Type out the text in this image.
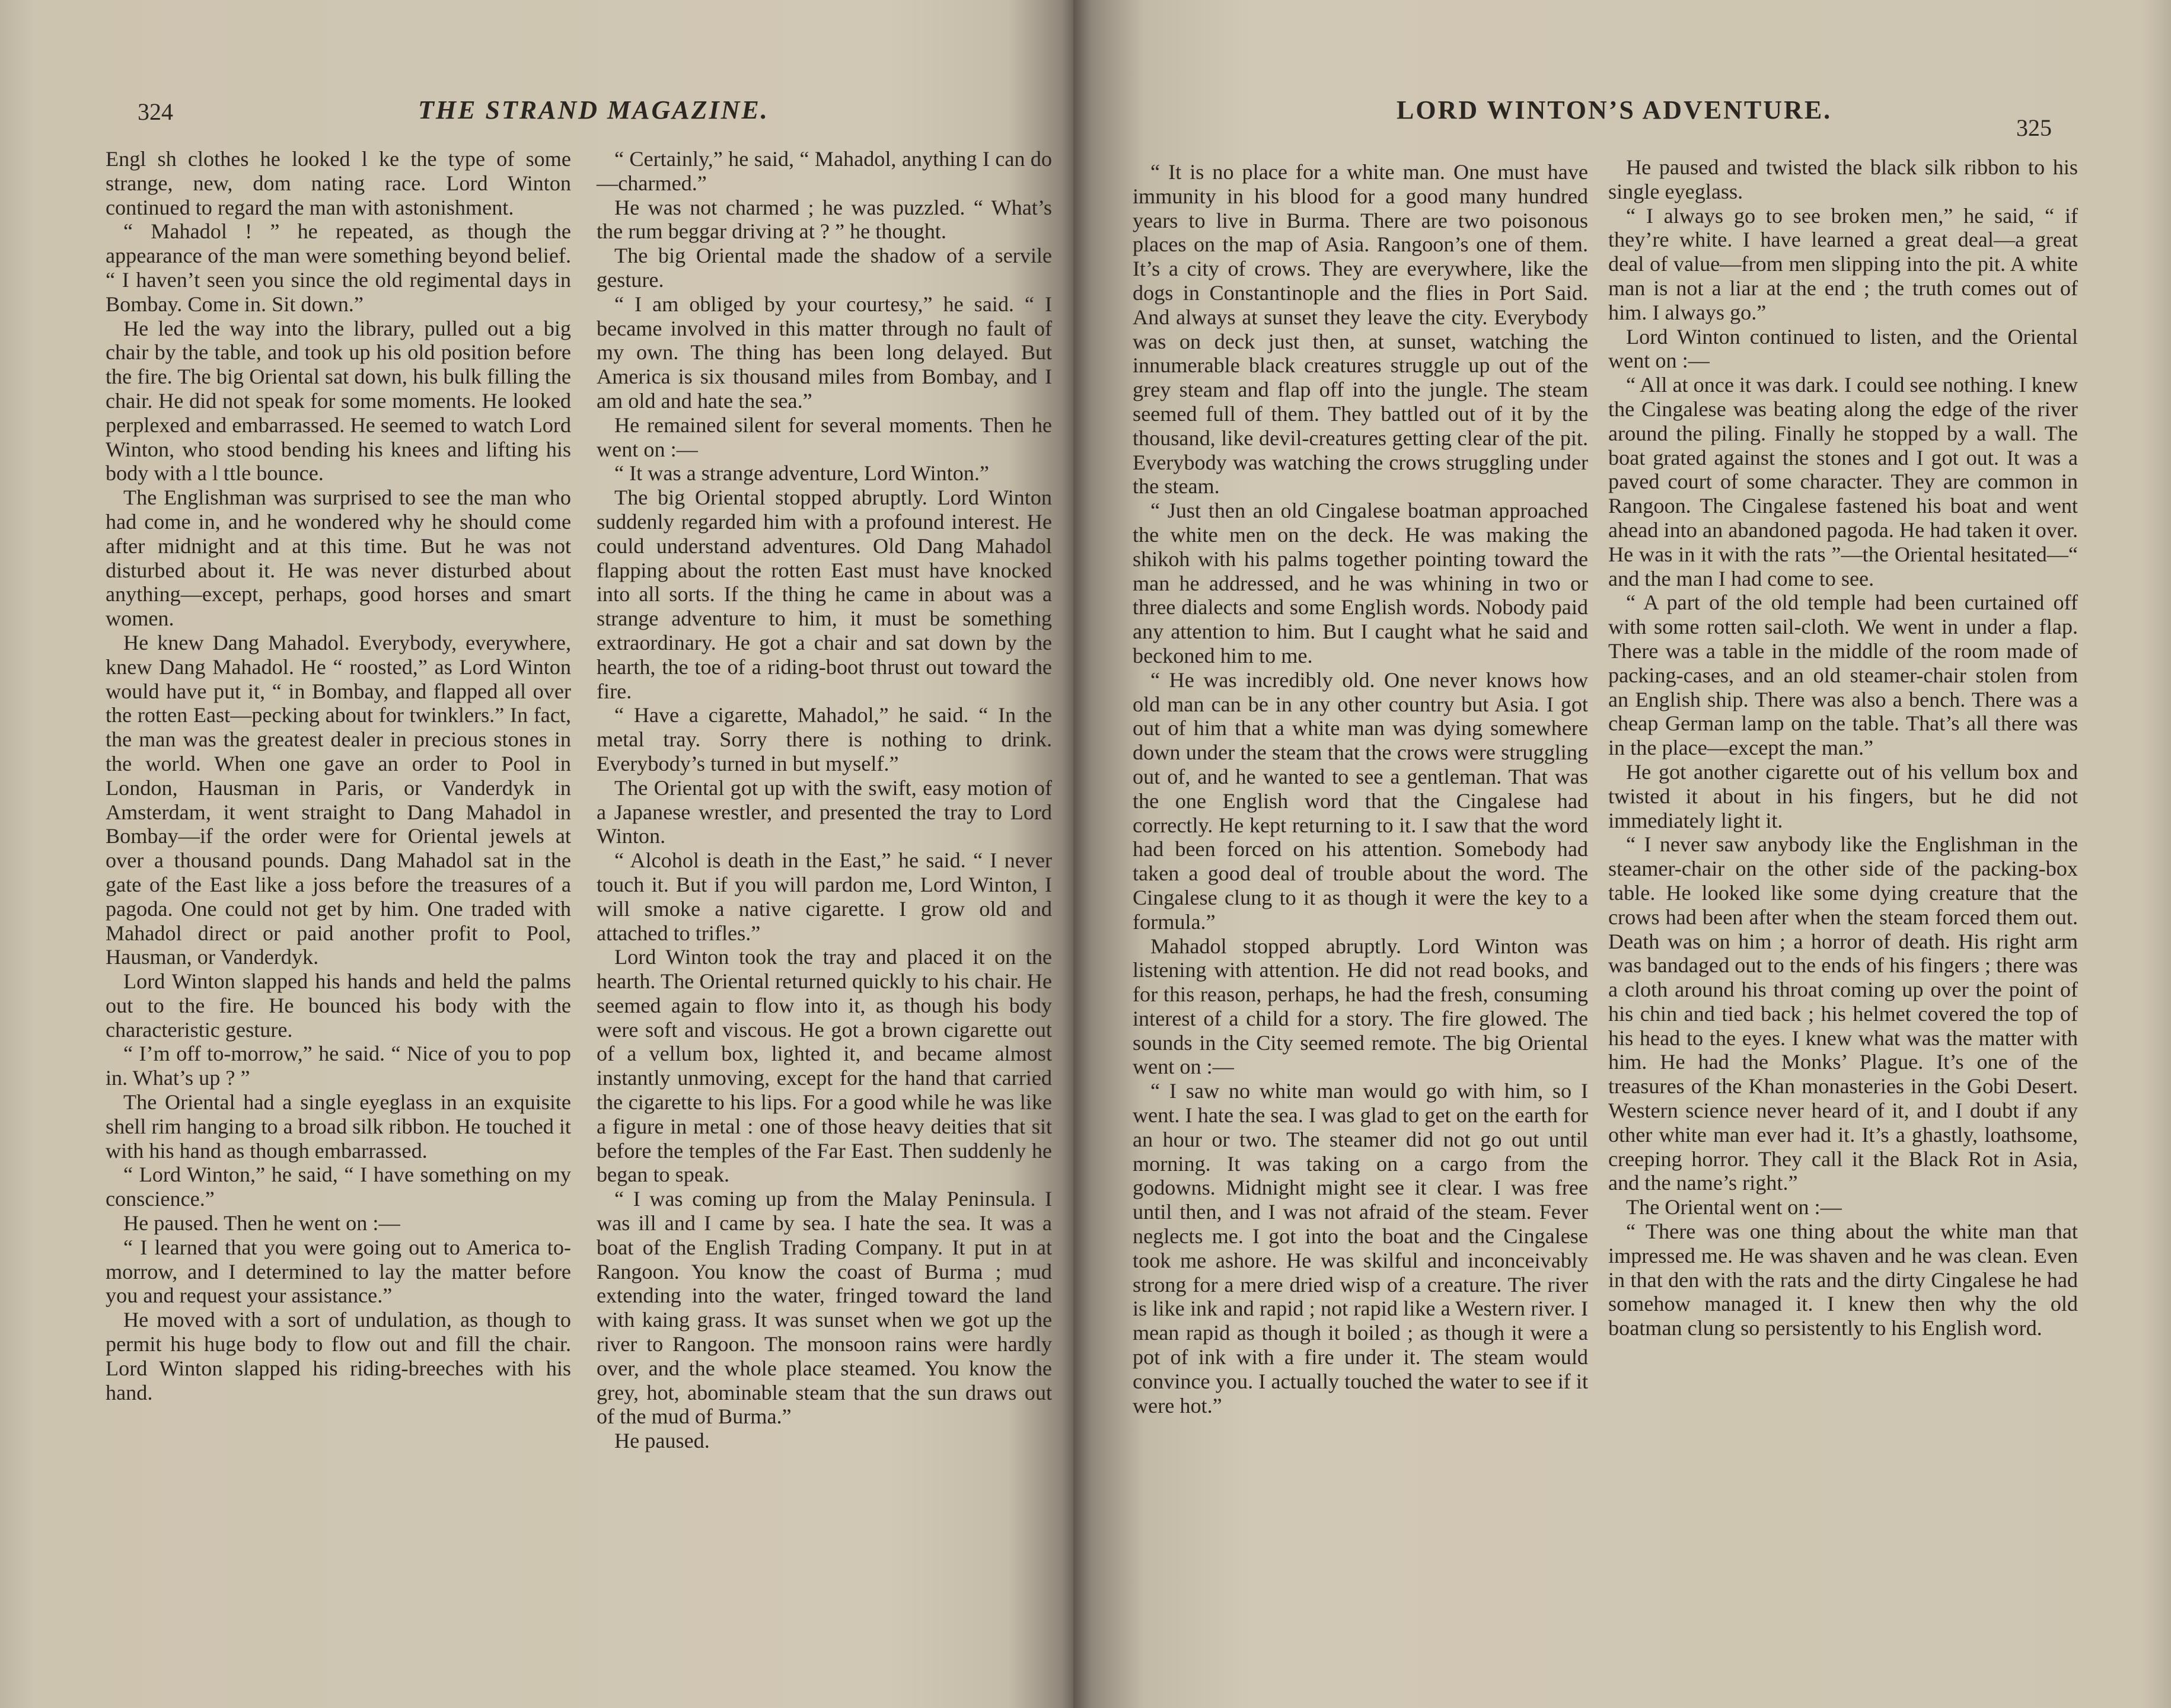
324	THE STRAND MAGAZINE.

Engl sh clothes he looked l ke the type of some strange, new, dom nating race. Lord Winton continued to regard the man with astonishment.

“ Mahadol ! ” he repeated, as though the appearance of the man were something beyond belief. “ I haven’t seen you since the old regimental days in Bombay. Come in. Sit down.”

He led the way into the library, pulled out a big chair by the table, and took up his old position before the fire. The big Oriental sat down, his bulk filling the chair. He did not speak for some moments. He looked perplexed and embarrassed. He seemed to watch Lord Winton, who stood bending his knees and lifting his body with a l ttle bounce.

The Englishman was surprised to see the man who had come in, and he wondered why he should come after midnight and at this time. But he was not disturbed about it. He was never disturbed about anything—except, perhaps, good horses and smart women.

He knew Dang Mahadol. Everybody, everywhere, knew Dang Mahadol. He “ roosted,” as Lord Winton would have put it, “ in Bombay, and flapped all over the rotten East—pecking about for twinklers.” In fact, the man was the greatest dealer in precious stones in the world. When one gave an order to Pool in London, Hausman in Paris, or Vanderdyk in Amsterdam, it went straight to Dang Mahadol in Bombay—if the order were for Oriental jewels at over a thousand pounds. Dang Mahadol sat in the gate of the East like a joss before the treasures of a pagoda. One could not get by him. One traded with Mahadol direct or paid another profit to Pool, Hausman, or Vanderdyk.

Lord Winton slapped his hands and held the palms out to the fire. He bounced his body with the characteristic gesture.

“ I’m off to-morrow,” he said. “ Nice of you to pop in. What’s up ? ”

The Oriental had a single eyeglass in an exquisite shell rim hanging to a broad silk ribbon. He touched it with his hand as though embarrassed.

“ Lord Winton,” he said, “ I have something on my conscience.”

He paused. Then he went on :—

“ I learned that you were going out to America to-morrow, and I determined to lay the matter before you and request your assistance.”

He moved with a sort of undulation, as though to permit his huge body to flow out and fill the chair. Lord Winton slapped his riding-breeches with his hand.

“ Certainly,” he said, “ Mahadol, anything I can do—charmed.”

He was not charmed ; he was puzzled. “ What’s the rum beggar driving at ? ” he thought.

The big Oriental made the shadow of a servile gesture.

“ I am obliged by your courtesy,” he said. “ I became involved in this matter through no fault of my own. The thing has been long delayed. But America is six thousand miles from Bombay, and I am old and hate the sea.”

He remained silent for several moments. Then he went on :—

“ It was a strange adventure, Lord Winton.”

The big Oriental stopped abruptly. Lord Winton suddenly regarded him with a profound interest. He could understand adventures. Old Dang Mahadol flapping about the rotten East must have knocked into all sorts. If the thing he came in about was a strange adventure to him, it must be something extraordinary. He got a chair and sat down by the hearth, the toe of a riding-boot thrust out toward the fire.

“ Have a cigarette, Mahadol,” he said. “ In the metal tray. Sorry there is nothing to drink. Everybody’s turned in but myself.”

The Oriental got up with the swift, easy motion of a Japanese wrestler, and presented the tray to Lord Winton.

“ Alcohol is death in the East,” he said. “ I never touch it. But if you will pardon me, Lord Winton, I will smoke a native cigarette. I grow old and attached to trifles.”

Lord Winton took the tray and placed it on the hearth. The Oriental returned quickly to his chair. He seemed again to flow into it, as though his body were soft and viscous. He got a brown cigarette out of a vellum box, lighted it, and became almost instantly unmoving, except for the hand that carried the cigarette to his lips. For a good while he was like a figure in metal : one of those heavy deities that sit before the temples of the Far East. Then suddenly he began to speak.

“ I was coming up from the Malay Peninsula. I was ill and I came by sea. I hate the sea. It was a boat of the English Trading Company. It put in at Rangoon. You know the coast of Burma ; mud extending into the water, fringed toward the land with kaing grass. It was sunset when we got up the river to Rangoon. The monsoon rains were hardly over, and the whole place steamed. You know the grey, hot, abominable steam that the sun draws out of the mud of Burma.”

He paused.

LORD WINTON’S ADVENTURE.
325

“ It is no place for a white man. One must have immunity in his blood for a good many hundred years to live in Burma. There are two poisonous places on the map of Asia. Rangoon’s one of them. It’s a city of crows. They are everywhere, like the dogs in Constantinople and the flies in Port Said. And always at sunset they leave the city. Everybody was on deck just then, at sunset, watching the innumerable black creatures struggle up out of the grey steam and flap off into the jungle. The steam seemed full of them. They battled out of it by the thousand, like devil-creatures getting clear of the pit. Everybody was watching the crows struggling under the steam.

“ Just then an old Cingalese boatman approached the white men on the deck. He was making the shikoh with his palms together pointing toward the man he addressed, and he was whining in two or three dialects and some English words. Nobody paid any attention to him. But I caught what he said and beckoned him to me.

“ He was incredibly old. One never knows how old man can be in any other country but Asia. I got out of him that a white man was dying somewhere down under the steam that the crows were struggling out of, and he wanted to see a gentleman. That was the one English word that the Cingalese had correctly. He kept returning to it. I saw that the word had been forced on his attention. Somebody had taken a good deal of trouble about the word. The Cingalese clung to it as though it were the key to a formula.”

Mahadol stopped abruptly. Lord Winton was listening with attention. He did not read books, and for this reason, perhaps, he had the fresh, consuming interest of a child for a story. The fire glowed. The sounds in the City seemed remote. The big Oriental went on :—

“ I saw no white man would go with him, so I went. I hate the sea. I was glad to get on the earth for an hour or two. The steamer did not go out until morning. It was taking on a cargo from the godowns. Midnight might see it clear. I was free until then, and I was not afraid of the steam. Fever neglects me. I got into the boat and the Cingalese took me ashore. He was skilful and inconceivably strong for a mere dried wisp of a creature. The river is like ink and rapid ; not rapid like a Western river. I mean rapid as though it boiled ; as though it were a pot of ink with a fire under it. The steam would convince you. I actually touched the water to see if it were hot.”

He paused and twisted the black silk ribbon to his single eyeglass.

“ I always go to see broken men,” he said, “ if they’re white. I have learned a great deal—a great deal of value—from men slipping into the pit. A white man is not a liar at the end ; the truth comes out of him. I always go.”

Lord Winton continued to listen, and the Oriental went on :—

“ All at once it was dark. I could see nothing. I knew the Cingalese was beating along the edge of the river around the piling. Finally he stopped by a wall. The boat grated against the stones and I got out. It was a paved court of some character. They are common in Rangoon. The Cingalese fastened his boat and went ahead into an abandoned pagoda. He had taken it over. He was in it with the rats ”—the Oriental hesitated—“ and the man I had come to see.

“ A part of the old temple had been curtained off with some rotten sail-cloth. We went in under a flap. There was a table in the middle of the room made of packing-cases, and an old steamer-chair stolen from an English ship. There was also a bench. There was a cheap German lamp on the table. That’s all there was in the place—except the man.”

He got another cigarette out of his vellum box and twisted it about in his fingers, but he did not immediately light it.

“ I never saw anybody like the Englishman in the steamer-chair on the other side of the packing-box table. He looked like some dying creature that the crows had been after when the steam forced them out. Death was on him ; a horror of death. His right arm was bandaged out to the ends of his fingers ; there was a cloth around his throat coming up over the point of his chin and tied back ; his helmet covered the top of his head to the eyes. I knew what was the matter with him. He had the Monks’ Plague. It’s one of the treasures of the Khan monasteries in the Gobi Desert. Western science never heard of it, and I doubt if any other white man ever had it. It’s a ghastly, loathsome, creeping horror. They call it the Black Rot in Asia, and the name’s right.”

The Oriental went on :—

“ There was one thing about the white man that impressed me. He was shaven and he was clean. Even in that den with the rats and the dirty Cingalese he had somehow managed it. I knew then why the old boatman clung so persistently to his English word.
